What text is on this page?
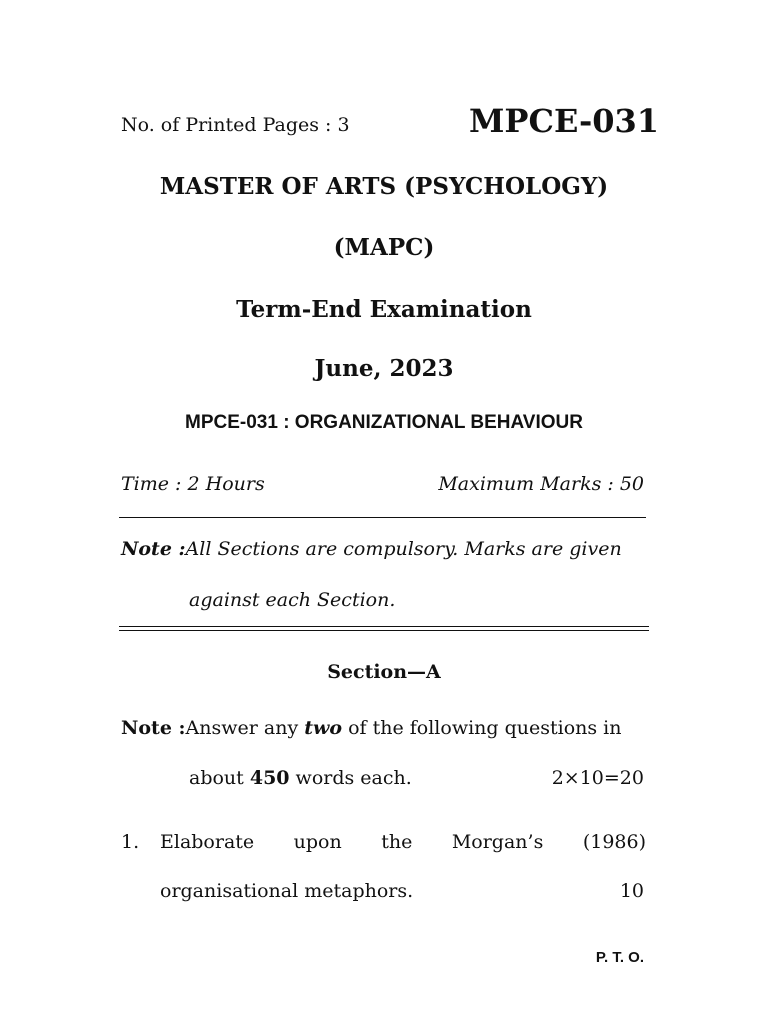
No. of Printed Pages : 3	MPCE-031
MASTER OF ARTS (PSYCHOLOGY)
(MAPC)
Term-End Examination
June, 2023
MPCE-031 : ORGANIZATIONAL BEHAVIOUR
Time : 2 Hours	Maximum Marks : 50
Note :All Sections are compulsory. Marks are given
against each Section.
Section—A
Note :Answer any two of the following questions in
about 450 words each.	2×10=20
1. Elaborate upon the Morgan’s (1986)
organisational metaphors.	10
P. T. O.
